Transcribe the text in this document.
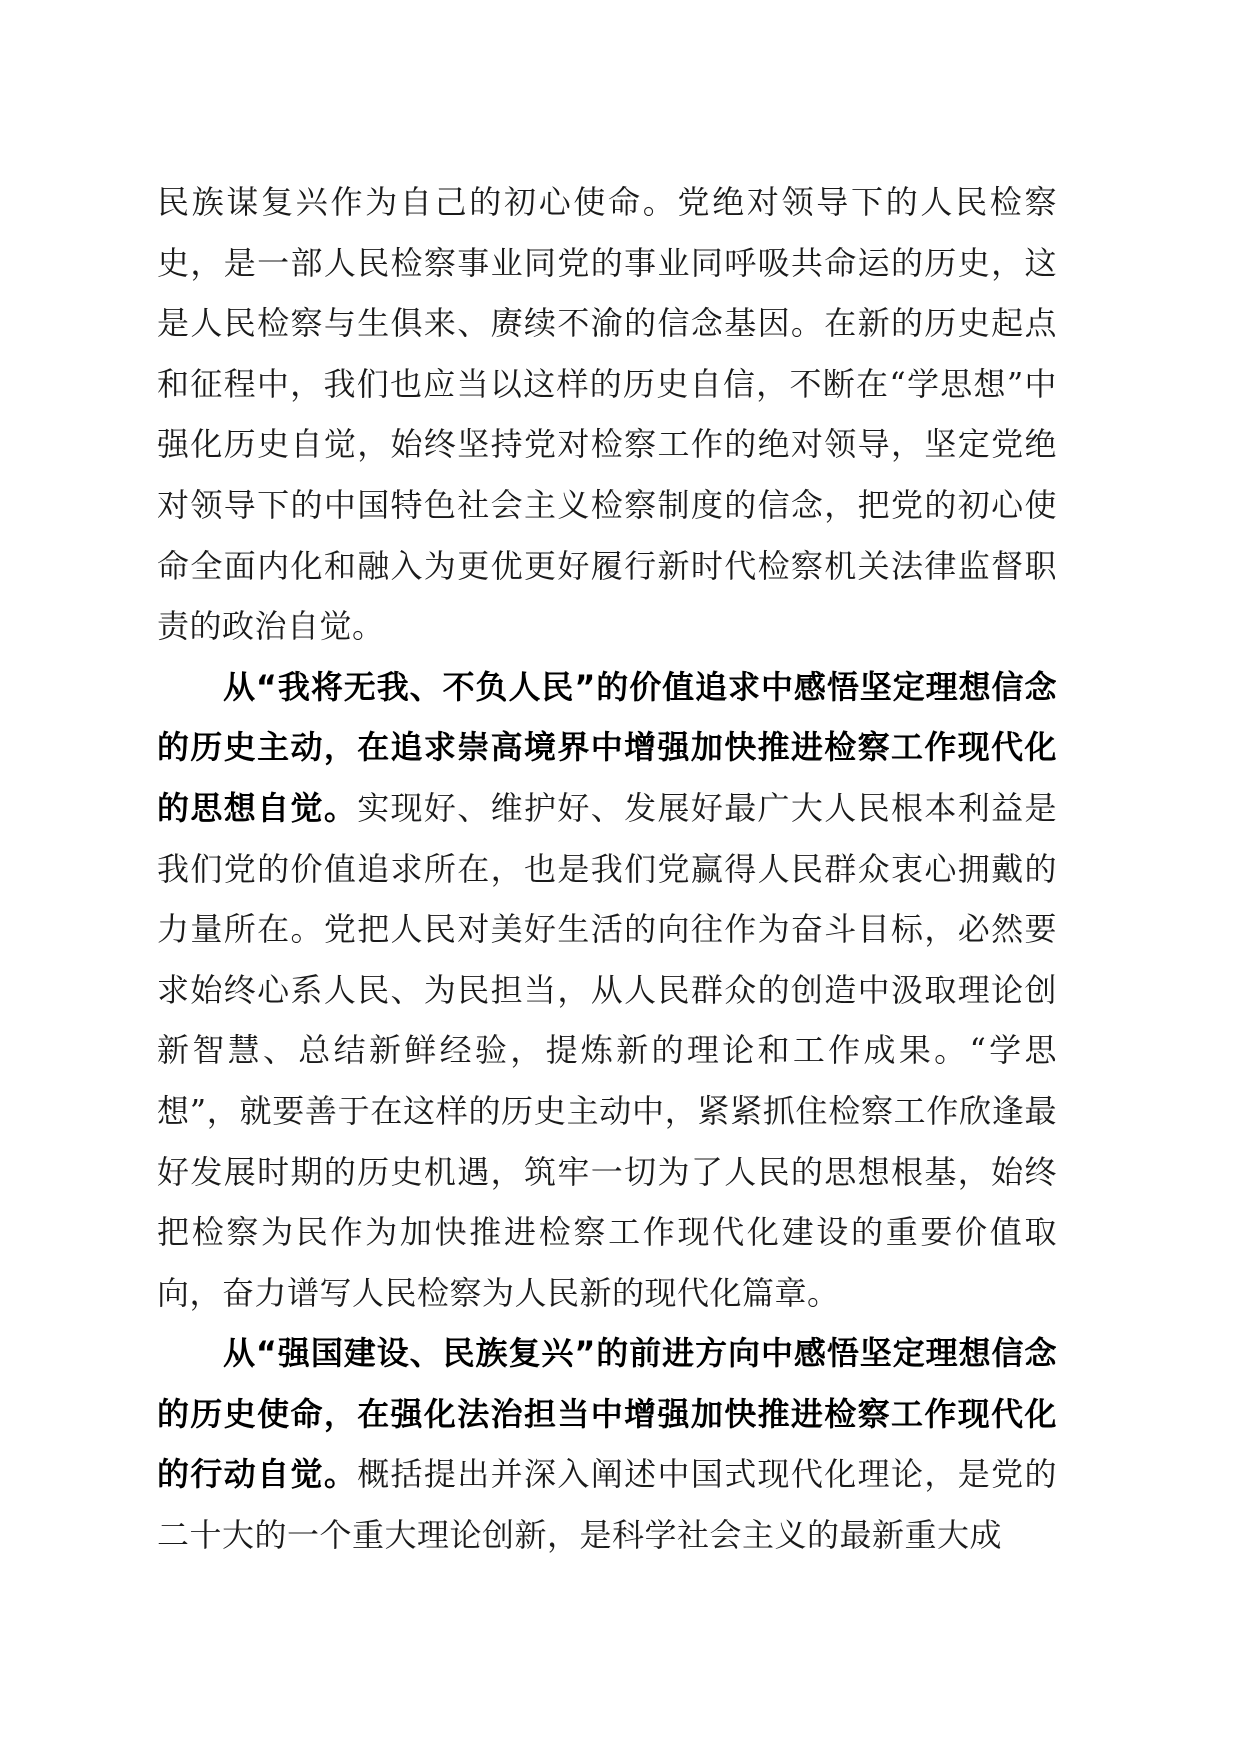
民族谋复兴作为自己的初心使命。党绝对领导下的人民检察史，是一部人民检察事业同党的事业同呼吸共命运的历史，这是人民检察与生俱来、赓续不渝的信念基因。在新的历史起点和征程中，我们也应当以这样的历史自信，不断在“学思想”中强化历史自觉，始终坚持党对检察工作的绝对领导，坚定党绝对领导下的中国特色社会主义检察制度的信念，把党的初心使命全面内化和融入为更优更好履行新时代检察机关法律监督职责的政治自觉。

从“我将无我、不负人民”的价值追求中感悟坚定理想信念的历史主动，在追求崇高境界中增强加快推进检察工作现代化的思想自觉。实现好、维护好、发展好最广大人民根本利益是我们党的价值追求所在，也是我们党赢得人民群众衷心拥戴的力量所在。党把人民对美好生活的向往作为奋斗目标，必然要求始终心系人民、为民担当，从人民群众的创造中汲取理论创新智慧、总结新鲜经验，提炼新的理论和工作成果。“学思想”，就要善于在这样的历史主动中，紧紧抓住检察工作欣逢最好发展时期的历史机遇，筑牢一切为了人民的思想根基，始终把检察为民作为加快推进检察工作现代化建设的重要价值取向，奋力谱写人民检察为人民新的现代化篇章。

从“强国建设、民族复兴”的前进方向中感悟坚定理想信念的历史使命，在强化法治担当中增强加快推进检察工作现代化的行动自觉。概括提出并深入阐述中国式现代化理论，是党的二十大的一个重大理论创新，是科学社会主义的最新重大成
